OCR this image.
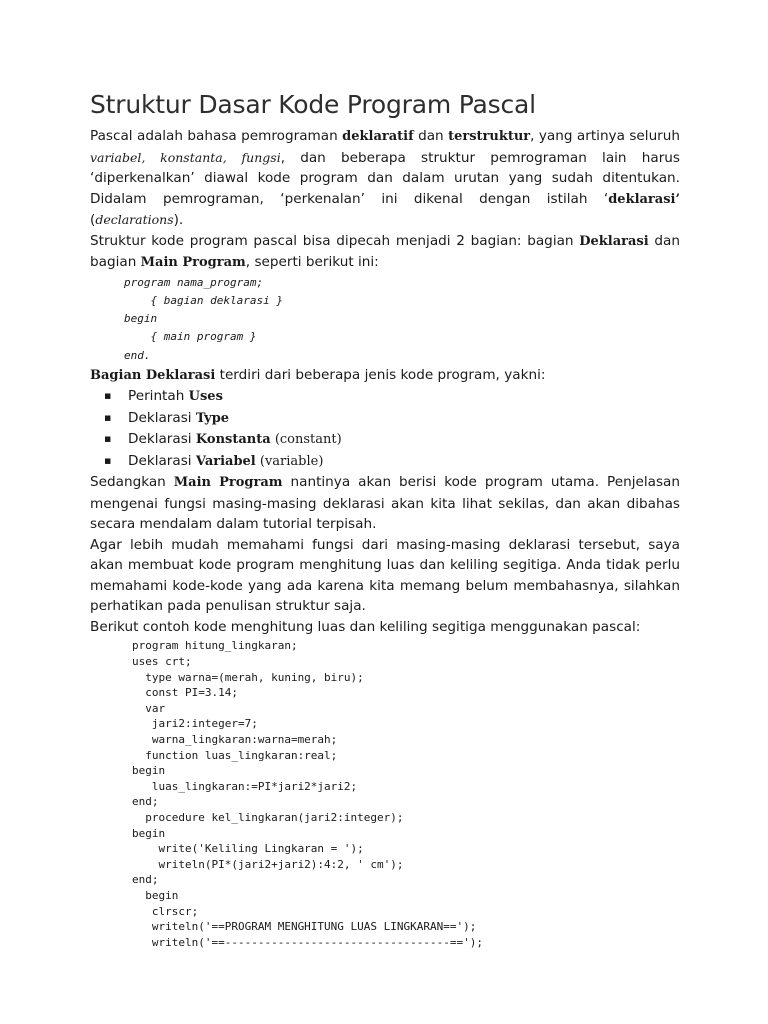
Struktur Dasar Kode Program Pascal

Pascal adalah bahasa pemrograman deklaratif dan terstruktur, yang artinya seluruh variabel, konstanta, fungsi, dan beberapa struktur pemrograman lain harus ‘diperkenalkan’ diawal kode program dan dalam urutan yang sudah ditentukan. Didalam pemrograman, ‘perkenalan’ ini dikenal dengan istilah ‘deklarasi’ (declarations).

Struktur kode program pascal bisa dipecah menjadi 2 bagian: bagian Deklarasi dan bagian Main Program, seperti berikut ini:

program nama_program;
{ bagian deklarasi }
begin
{ main program }
end.

Bagian Deklarasi terdiri dari beberapa jenis kode program, yakni:

▪ Perintah Uses
▪ Deklarasi Type
▪ Deklarasi Konstanta (constant)
▪ Deklarasi Variabel (variable)

Sedangkan Main Program nantinya akan berisi kode program utama. Penjelasan mengenai fungsi masing-masing deklarasi akan kita lihat sekilas, dan akan dibahas secara mendalam dalam tutorial terpisah.

Agar lebih mudah memahami fungsi dari masing-masing deklarasi tersebut, saya akan membuat kode program menghitung luas dan keliling segitiga. Anda tidak perlu memahami kode-kode yang ada karena kita memang belum membahasnya, silahkan perhatikan pada penulisan struktur saja.

Berikut contoh kode menghitung luas dan keliling segitiga menggunakan pascal:

program hitung_lingkaran;
uses crt;
type warna=(merah, kuning, biru);
const PI=3.14;
var
jari2:integer=7;
warna_lingkaran:warna=merah;
function luas_lingkaran:real;
begin
luas_lingkaran:=PI*jari2*jari2;
end;
procedure kel_lingkaran(jari2:integer);
begin
write('Keliling Lingkaran = ');
writeln(PI*(jari2+jari2):4:2, ' cm');
end;
begin
clrscr;
writeln('==PROGRAM MENGHITUNG LUAS LINGKARAN==');
writeln('==----------------------------------==');
